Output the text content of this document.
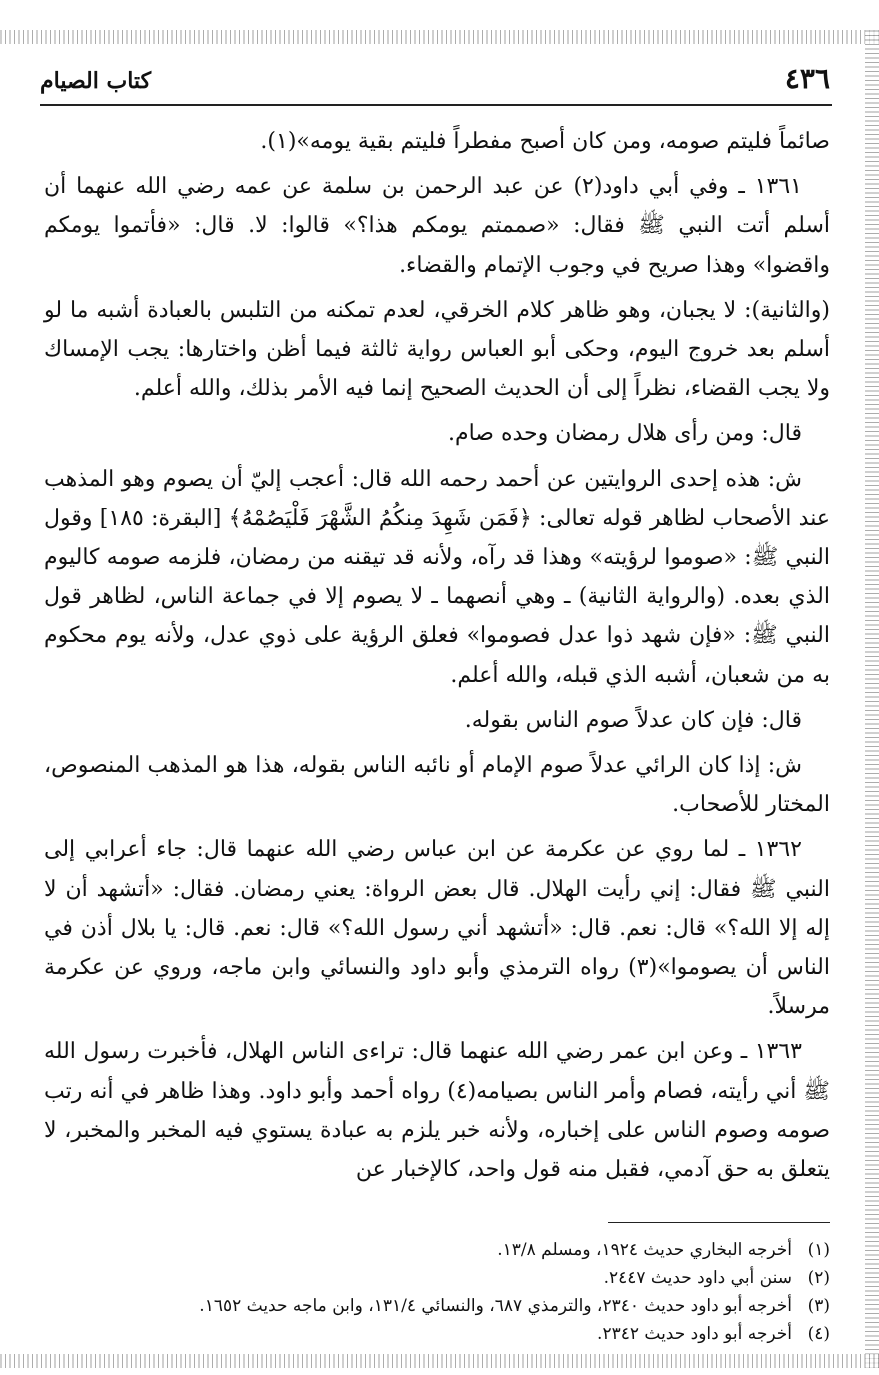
٤٣٦
كتاب الصيام

صائماً فليتم صومه، ومن كان أصبح مفطراً فليتم بقية يومه»(١).

١٣٦١ ـ وفي أبي داود(٢) عن عبد الرحمن بن سلمة عن عمه رضي الله عنهما أن أسلم أتت النبي ﷺ فقال: «صممتم يومكم هذا؟» قالوا: لا. قال: «فأتموا يومكم واقضوا» وهذا صريح في وجوب الإتمام والقضاء.

(والثانية): لا يجبان، وهو ظاهر كلام الخرقي، لعدم تمكنه من التلبس بالعبادة أشبه ما لو أسلم بعد خروج اليوم، وحكى أبو العباس رواية ثالثة فيما أظن واختارها: يجب الإمساك ولا يجب القضاء، نظراً إلى أن الحديث الصحيح إنما فيه الأمر بذلك، والله أعلم.

قال: ومن رأى هلال رمضان وحده صام.

ش: هذه إحدى الروايتين عن أحمد رحمه الله قال: أعجب إليّ أن يصوم وهو المذهب عند الأصحاب لظاهر قوله تعالى: ﴿فَمَن شَهِدَ مِنكُمُ الشَّهْرَ فَلْيَصُمْهُ﴾ [البقرة: ١٨٥] وقول النبي ﷺ: «صوموا لرؤيته» وهذا قد رآه، ولأنه قد تيقنه من رمضان، فلزمه صومه كاليوم الذي بعده. (والرواية الثانية) ـ وهي أنصهما ـ لا يصوم إلا في جماعة الناس، لظاهر قول النبي ﷺ: «فإن شهد ذوا عدل فصوموا» فعلق الرؤية على ذوي عدل، ولأنه يوم محكوم به من شعبان، أشبه الذي قبله، والله أعلم.

قال: فإن كان عدلاً صوم الناس بقوله.

ش: إذا كان الرائي عدلاً صوم الإمام أو نائبه الناس بقوله، هذا هو المذهب المنصوص، المختار للأصحاب.

١٣٦٢ ـ لما روي عن عكرمة عن ابن عباس رضي الله عنهما قال: جاء أعرابي إلى النبي ﷺ فقال: إني رأيت الهلال. قال بعض الرواة: يعني رمضان. فقال: «أتشهد أن لا إله إلا الله؟» قال: نعم. قال: «أتشهد أني رسول الله؟» قال: نعم. قال: يا بلال أذن في الناس أن يصوموا»(٣) رواه الترمذي وأبو داود والنسائي وابن ماجه، وروي عن عكرمة مرسلاً.

١٣٦٣ ـ وعن ابن عمر رضي الله عنهما قال: تراءى الناس الهلال، فأخبرت رسول الله ﷺ أني رأيته، فصام وأمر الناس بصيامه(٤) رواه أحمد وأبو داود. وهذا ظاهر في أنه رتب صومه وصوم الناس على إخباره، ولأنه خبر يلزم به عبادة يستوي فيه المخبر والمخبر، لا يتعلق به حق آدمي، فقبل منه قول واحد، كالإخبار عن

(١)أخرجه البخاري حديث ١٩٢٤، ومسلم ١٣/٨.

(٢)سنن أبي داود حديث ٢٤٤٧.

(٣)أخرجه أبو داود حديث ٢٣٤٠، والترمذي ٦٨٧، والنسائي ١٣١/٤، وابن ماجه حديث ١٦٥٢.

(٤)أخرجه أبو داود حديث ٢٣٤٢.
